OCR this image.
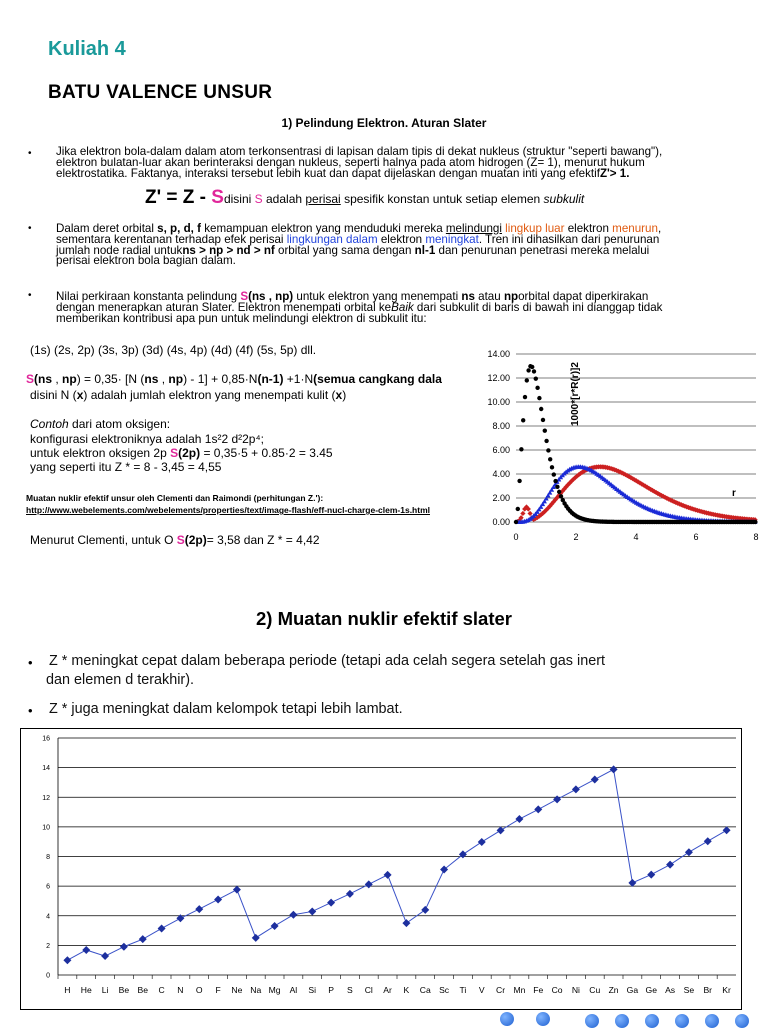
Kuliah 4
BATU VALENCE UNSUR
1) Pelindung Elektron. Aturan Slater
• Jika elektron bola-dalam dalam atom terkonsentrasi di lapisan dalam tipis di dekat nukleus (struktur "seperti bawang"),
elektron bulatan-luar akan berinteraksi dengan nukleus, seperti halnya pada atom hidrogen (Z= 1), menurut hukum
elektrostatika. Faktanya, interaksi tersebut lebih kuat dan dapat dijelaskan dengan muatan inti yang efektifZ'> 1.
Z' = Z - Sdisini S adalah perisai spesifik konstan untuk setiap elemen subkulit
• Dalam deret orbital s, p, d, f kemampuan elektron yang menduduki mereka melindungi lingkup luar elektron menurun,
sementara kerentanan terhadap efek perisai lingkungan dalam elektron meningkat. Tren ini dihasilkan dari penurunan
jumlah node radial untukns > np > nd > nf orbital yang sama dengan nl-1 dan penurunan penetrasi mereka melalui
perisai elektron bola bagian dalam.
• Nilai perkiraan konstanta pelindung S(ns , np) untuk elektron yang menempati ns atau nporbital dapat diperkirakan
dengan menerapkan aturan Slater. Elektron menempati orbital keBaik dari subkulit di baris di bawah ini dianggap tidak
memberikan kontribusi apa pun untuk melindungi elektron di subkulit itu:
(1s) (2s, 2p) (3s, 3p) (3d) (4s, 4p) (4d) (4f) (5s, 5p) dll.
S(ns , np) = 0,35· [N (ns , np) - 1] + 0,85·N(n-1) +1·N(semua cangkang dala
disini N (x) adalah jumlah elektron yang menempati kulit (x)
Contoh dari atom oksigen:
konfigurasi elektroniknya adalah 1s²2 d²2p⁴;
untuk elektron oksigen 2p S(2p) = 0,35·5 + 0.85·2 = 3.45
yang seperti itu Z * = 8 - 3,45 = 4,55
Muatan nuklir efektif unsur oleh Clementi dan Raimondi (perhitungan Z.'):
http://www.webelements.com/webelements/properties/text/image-flash/eff-nucl-charge-clem-1s.html
Menurut Clementi, untuk O S(2p)= 3,58 dan Z * = 4,42
0.00
2.00
4.00
6.00
8.00
10.00
12.00
14.00
0	2	4	6	8
1000*[r*R(r)]2
r
2) Muatan nuklir efektif slater
• Z * meningkat cepat dalam beberapa periode (tetapi ada celah segera setelah gas inert
dan elemen d terakhir).
• Z * juga meningkat dalam kelompok tetapi lebih lambat.
0
2
4
6
8
10
12
14
16
H He Li Be Be C N O F Ne Na Mg Al Si P S Cl Ar K Ca Sc Ti V Cr Mn Fe Co Ni Cu Zn Ga Ge As Se Br Kr
